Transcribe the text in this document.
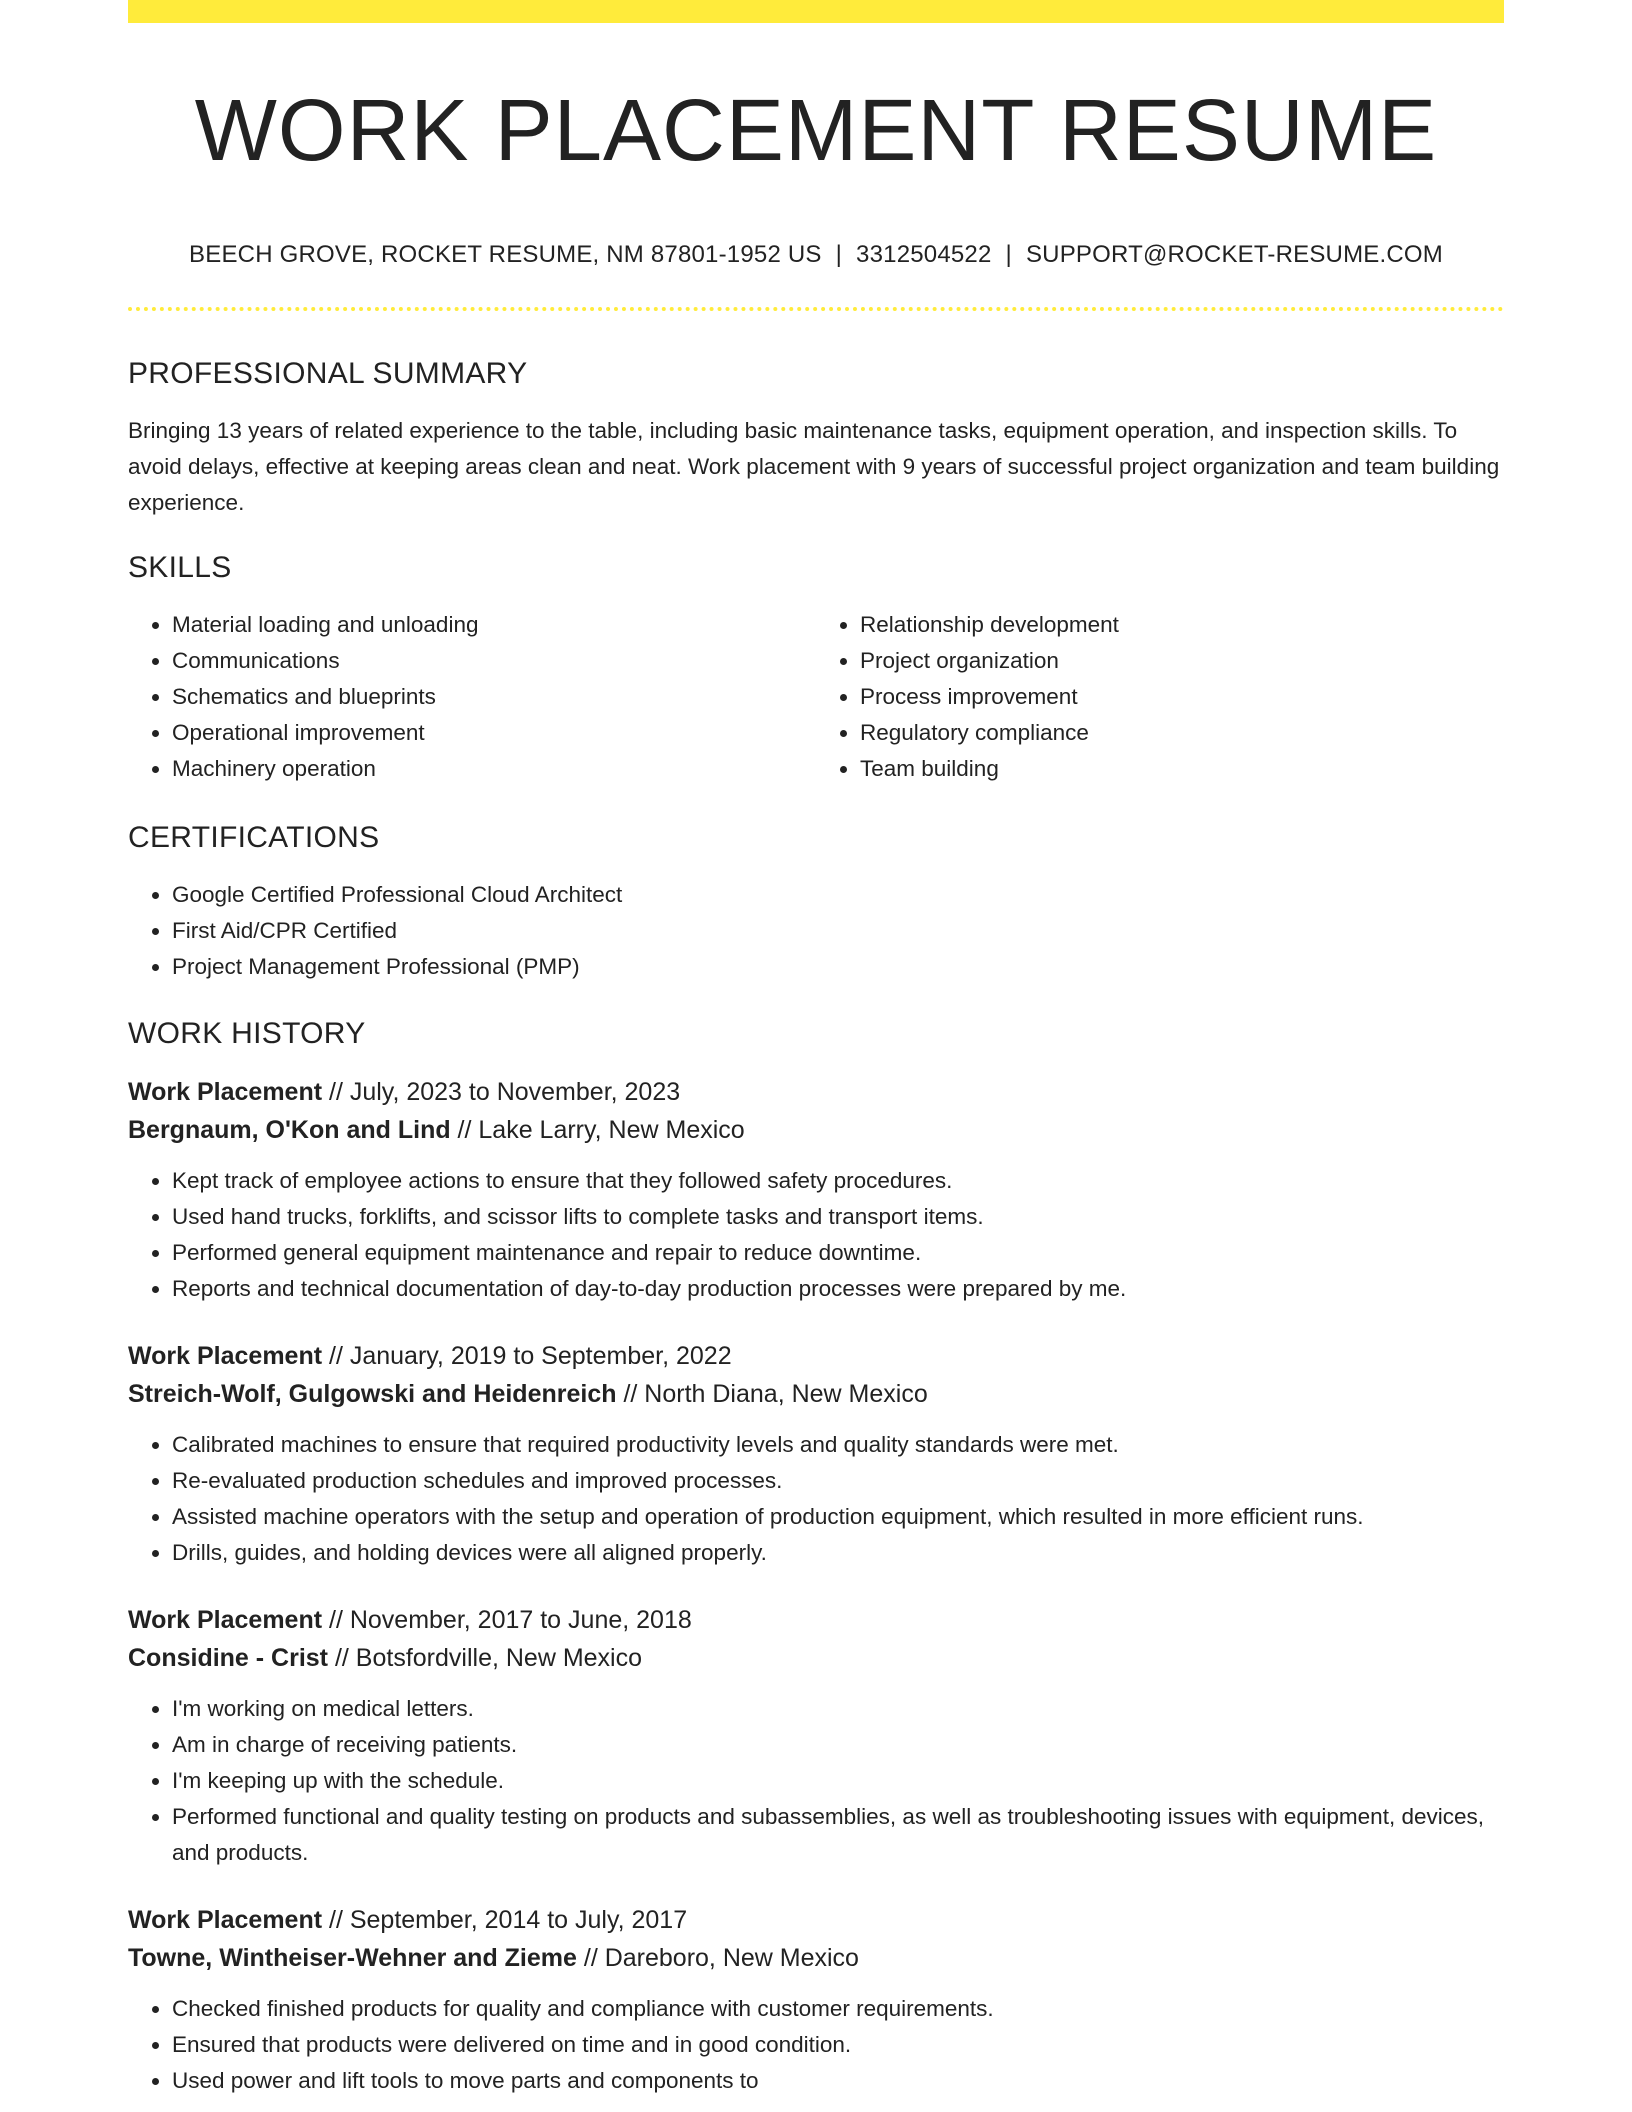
WORK PLACEMENT RESUME
BEECH GROVE, ROCKET RESUME, NM 87801-1952 US | 3312504522 | SUPPORT@ROCKET-RESUME.COM
PROFESSIONAL SUMMARY

Bringing 13 years of related experience to the table, including basic maintenance tasks, equipment operation, and inspection skills. To avoid delays, effective at keeping areas clean and neat. Work placement with 9 years of successful project organization and team building experience.

SKILLS
• Material loading and unloading
• Communications
• Schematics and blueprints
• Operational improvement
• Machinery operation
• Relationship development
• Project organization
• Process improvement
• Regulatory compliance
• Team building
CERTIFICATIONS
• Google Certified Professional Cloud Architect
• First Aid/CPR Certified
• Project Management Professional (PMP)
WORK HISTORY
Work Placement // July, 2023 to November, 2023
Bergnaum, O'Kon and Lind // Lake Larry, New Mexico
• Kept track of employee actions to ensure that they followed safety procedures.
• Used hand trucks, forklifts, and scissor lifts to complete tasks and transport items.
• Performed general equipment maintenance and repair to reduce downtime.
• Reports and technical documentation of day-to-day production processes were prepared by me.
Work Placement // January, 2019 to September, 2022
Streich-Wolf, Gulgowski and Heidenreich // North Diana, New Mexico
• Calibrated machines to ensure that required productivity levels and quality standards were met.
• Re-evaluated production schedules and improved processes.
• Assisted machine operators with the setup and operation of production equipment, which resulted in more efficient runs.
• Drills, guides, and holding devices were all aligned properly.
Work Placement // November, 2017 to June, 2018
Considine - Crist // Botsfordville, New Mexico
• I'm working on medical letters.
• Am in charge of receiving patients.
• I'm keeping up with the schedule.
• Performed functional and quality testing on products and subassemblies, as well as troubleshooting issues with equipment, devices, and products.
Work Placement // September, 2014 to July, 2017
Towne, Wintheiser-Wehner and Zieme // Dareboro, New Mexico
• Checked finished products for quality and compliance with customer requirements.
• Ensured that products were delivered on time and in good condition.
• Used power and lift tools to move parts and components to
